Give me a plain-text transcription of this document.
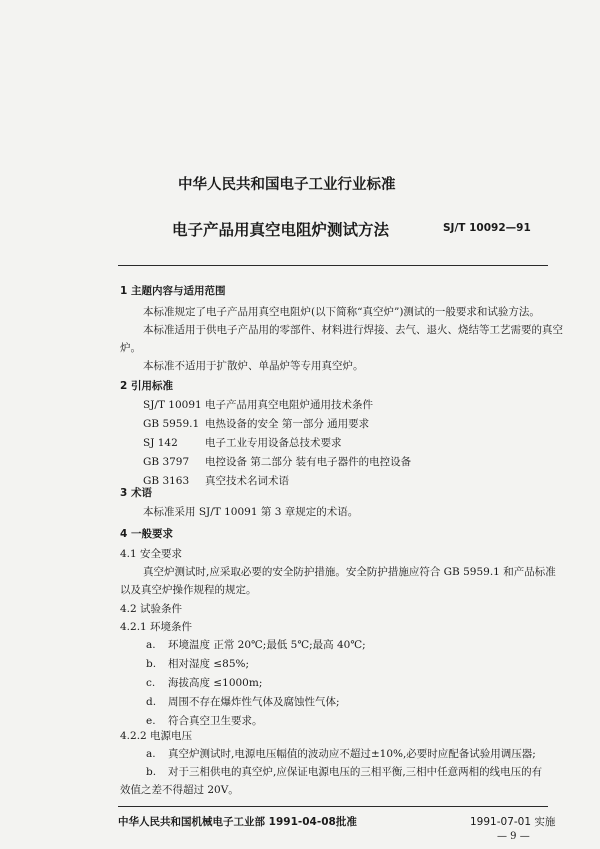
中华人民共和国电子工业行业标准
电子产品用真空电阻炉测试方法	SJ/T 10092—91
1 主题内容与适用范围
本标准规定了电子产品用真空电阻炉(以下简称“真空炉”)测试的一般要求和试验方法。
本标准适用于供电子产品用的零部件、材料进行焊接、去气、退火、烧结等工艺需要的真空
炉。
本标准不适用于扩散炉、单晶炉等专用真空炉。
2 引用标准
SJ/T 10091 电子产品用真空电阻炉通用技术条件
GB 5959.1 电热设备的安全 第一部分 通用要求
SJ 142	电子工业专用设备总技术要求
GB 3797 电控设备 第二部分 装有电子器件的电控设备
GB 3163 真空技术名词术语
3 术语
本标准采用 SJ/T 10091 第 3 章规定的术语。
4 一般要求
4.1 安全要求
真空炉测试时,应采取必要的安全防护措施。安全防护措施应符合 GB 5959.1 和产品标准
以及真空炉操作规程的规定。
4.2 试验条件
4.2.1 环境条件
a. 环境温度 正常 20℃;最低 5℃;最高 40℃;
b. 相对湿度 ≤85%;
c. 海拔高度 ≤1000m;
d. 周围不存在爆炸性气体及腐蚀性气体;
e. 符合真空卫生要求。
4.2.2 电源电压
a. 真空炉测试时,电源电压幅值的波动应不超过±10%,必要时应配备试验用调压器;
b. 对于三相供电的真空炉,应保证电源电压的三相平衡,三相中任意两相的线电压的有
效值之差不得超过 20V。
中华人民共和国机械电子工业部 1991-04-08批准	1991-07-01 实施
— 9 —
